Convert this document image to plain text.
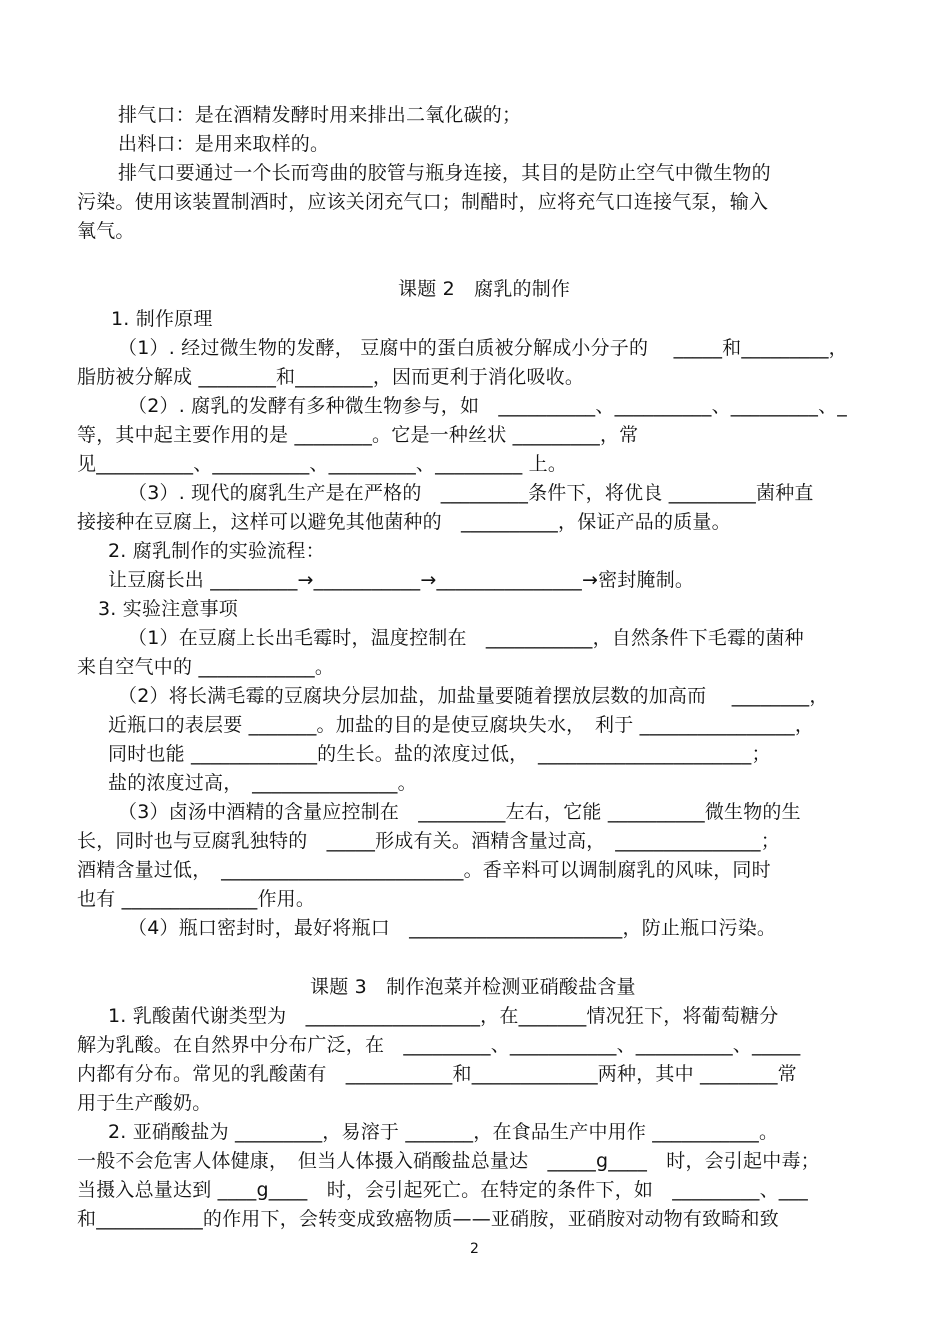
排气口：是在酒精发酵时用来排出二氧化碳的；
出料口：是用来取样的。
排气口要通过一个长而弯曲的胶管与瓶身连接，其目的是防止空气中微生物的
污染。使用该装置制酒时，应该关闭充气口；制醋时，应将充气口连接气泵，输入
氧气。
课题 2　腐乳的制作
1. 制作原理
（1）. 经过微生物的发酵， 豆腐中的蛋白质被分解成小分子的　 _____和_________，
脂肪被分解成 ________和________，因而更利于消化吸收。
（2）. 腐乳的发酵有多种微生物参与，如　__________、__________、_________、_
等，其中起主要作用的是 ________。它是一种丝状 _________，常
见__________、__________、_________、_________ 上。
（3）. 现代的腐乳生产是在严格的　_________条件下，将优良 _________菌种直
接接种在豆腐上，这样可以避免其他菌种的　__________，保证产品的质量。
2. 腐乳制作的实验流程：
让豆腐长出 _________→___________→_______________→密封腌制。
3. 实验注意事项
（1）在豆腐上长出毛霉时，温度控制在　___________，自然条件下毛霉的菌种
来自空气中的 ____________。
（2）将长满毛霉的豆腐块分层加盐，加盐量要随着摆放层数的加高而　 ________，
近瓶口的表层要 _______。加盐的目的是使豆腐块失水，　利于 ________________，
同时也能 _____________的生长。盐的浓度过低，　______________________；
盐的浓度过高，　_______________。
（3）卤汤中酒精的含量应控制在　_________左右，它能 __________微生物的生
长，同时也与豆腐乳独特的　_____形成有关。酒精含量过高，　_______________；
酒精含量过低，　_________________________。香辛料可以调制腐乳的风味，同时
也有 ______________作用。
（4）瓶口密封时，最好将瓶口　______________________，防止瓶口污染。
课题 3　制作泡菜并检测亚硝酸盐含量
1. 乳酸菌代谢类型为　__________________，在_______情况狂下，将葡萄糖分
解为乳酸。在自然界中分布广泛，在　_________、___________、__________、_____
内都有分布。常见的乳酸菌有　___________和_____________两种，其中 ________常
用于生产酸奶。
2. 亚硝酸盐为 _________，易溶于 _______，在食品生产中用作 ___________。
一般不会危害人体健康，　但当人体摄入硝酸盐总量达　_____g____　时，会引起中毒；
当摄入总量达到 ____g____　时，会引起死亡。在特定的条件下，如　_________、___
和___________的作用下，会转变成致癌物质——亚硝胺，亚硝胺对动物有致畸和致
2
